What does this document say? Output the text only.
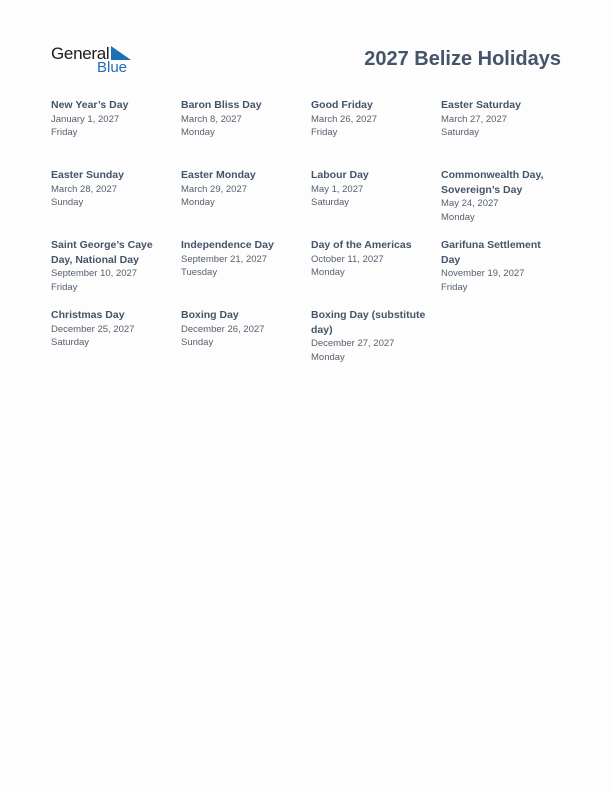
General
Blue	2027 Belize Holidays
New Year’s Day
January 1, 2027
Friday
Baron Bliss Day
March 8, 2027
Monday
Good Friday
March 26, 2027
Friday
Easter Saturday
March 27, 2027
Saturday
Easter Sunday
March 28, 2027
Sunday
Easter Monday
March 29, 2027
Monday
Labour Day
May 1, 2027
Saturday
Commonwealth Day, Sovereign’s Day
May 24, 2027
Monday
Saint George’s Caye Day, National Day
September 10, 2027
Friday
Independence Day
September 21, 2027
Tuesday
Day of the Americas
October 11, 2027
Monday
Garifuna Settlement Day
November 19, 2027
Friday
Christmas Day
December 25, 2027
Saturday
Boxing Day
December 26, 2027
Sunday
Boxing Day (substitute day)
December 27, 2027
Monday
